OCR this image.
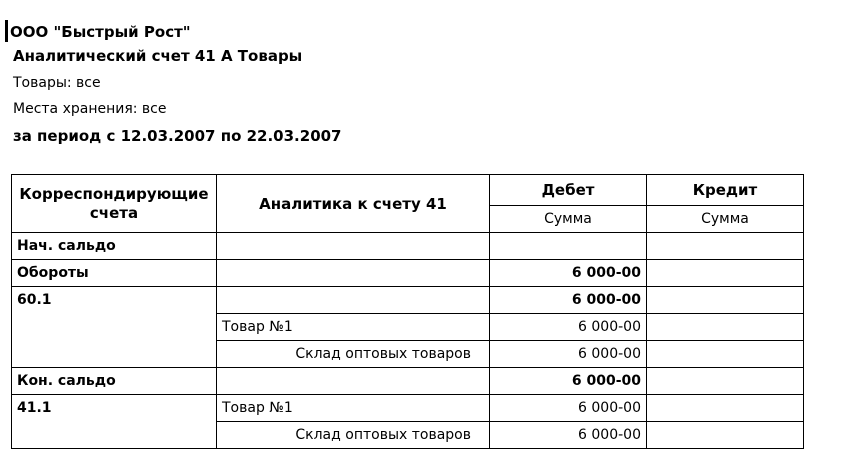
ООО "Быстрый Рост"
Аналитический счет 41 А Товары
Товары: все
Места хранения: все
за период с 12.03.2007 по 22.03.2007
Корреспондирующие счета	Аналитика к счету 41	Дебет	Кредит
		Сумма	Сумма
Нач. сальдо			
Обороты		6 000-00	
60.1		6 000-00	
	Товар №1	6 000-00	
	Склад оптовых товаров	6 000-00	
Кон. сальдо		6 000-00	
41.1	Товар №1	6 000-00	
	Склад оптовых товаров	6 000-00	
